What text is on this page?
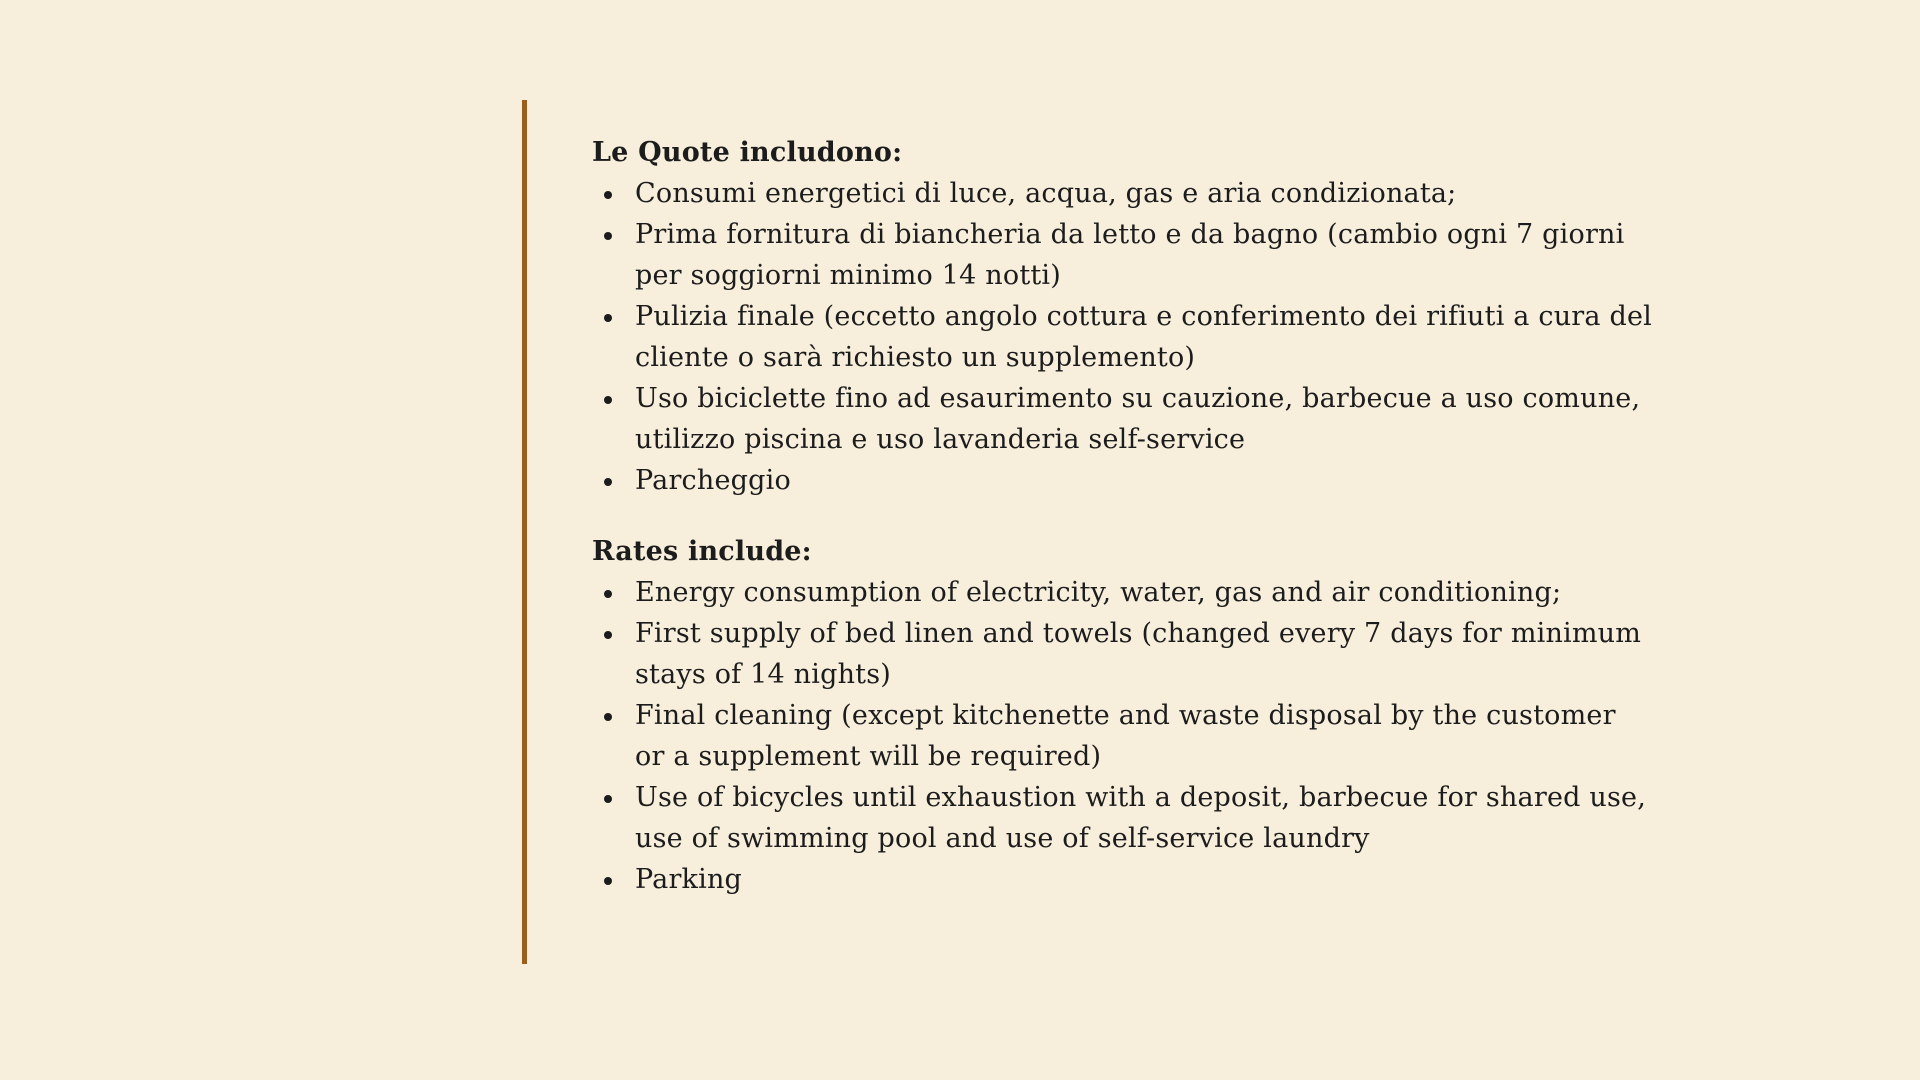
Le Quote includono:

Consumi energetici di luce, acqua, gas e aria condizionata;
Prima fornitura di biancheria da letto e da bagno (cambio ogni 7 giorni per soggiorni minimo 14 notti)
Pulizia finale (eccetto angolo cottura e conferimento dei rifiuti a cura del cliente o sarà richiesto un supplemento)
Uso biciclette fino ad esaurimento su cauzione, barbecue a uso comune, utilizzo piscina e uso lavanderia self-service
Parcheggio

Rates include:

Energy consumption of electricity, water, gas and air conditioning;
First supply of bed linen and towels (changed every 7 days for minimum stays of 14 nights)
Final cleaning (except kitchenette and waste disposal by the customer or a supplement will be required)
Use of bicycles until exhaustion with a deposit, barbecue for shared use, use of swimming pool and use of self-service laundry
Parking
